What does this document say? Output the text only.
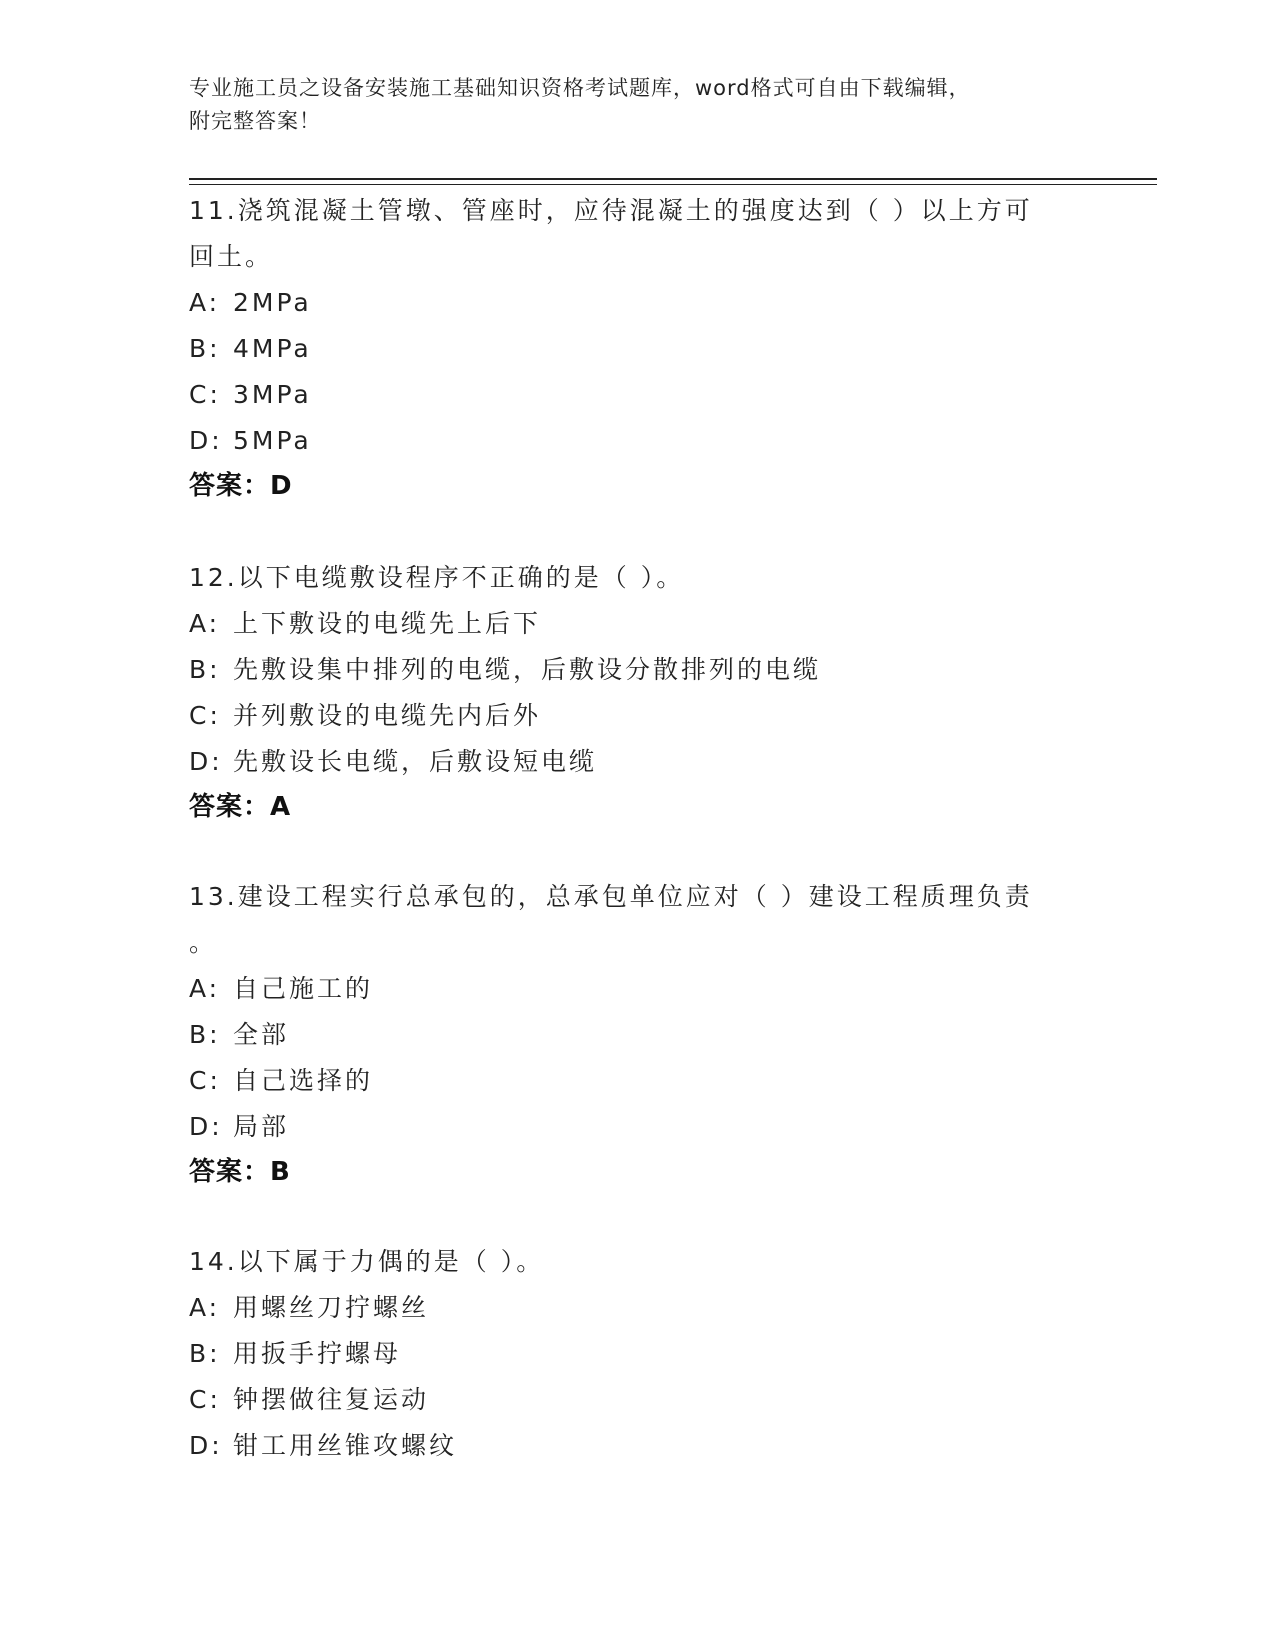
专业施工员之设备安装施工基础知识资格考试题库，word格式可自由下载编辑，
附完整答案！

11.浇筑混凝土管墩、管座时，应待混凝土的强度达到（ ）以上方可
回土。

A: 2MPa

B: 4MPa

C: 3MPa

D: 5MPa

答案：D

12.以下电缆敷设程序不正确的是（ ）。

A: 上下敷设的电缆先上后下

B: 先敷设集中排列的电缆，后敷设分散排列的电缆

C: 并列敷设的电缆先内后外

D: 先敷设长电缆，后敷设短电缆

答案：A

13.建设工程实行总承包的，总承包单位应对（ ）建设工程质理负责
。

A: 自己施工的

B: 全部

C: 自己选择的

D: 局部

答案：B

14.以下属于力偶的是（ ）。

A: 用螺丝刀拧螺丝

B: 用扳手拧螺母

C: 钟摆做往复运动

D: 钳工用丝锥攻螺纹
